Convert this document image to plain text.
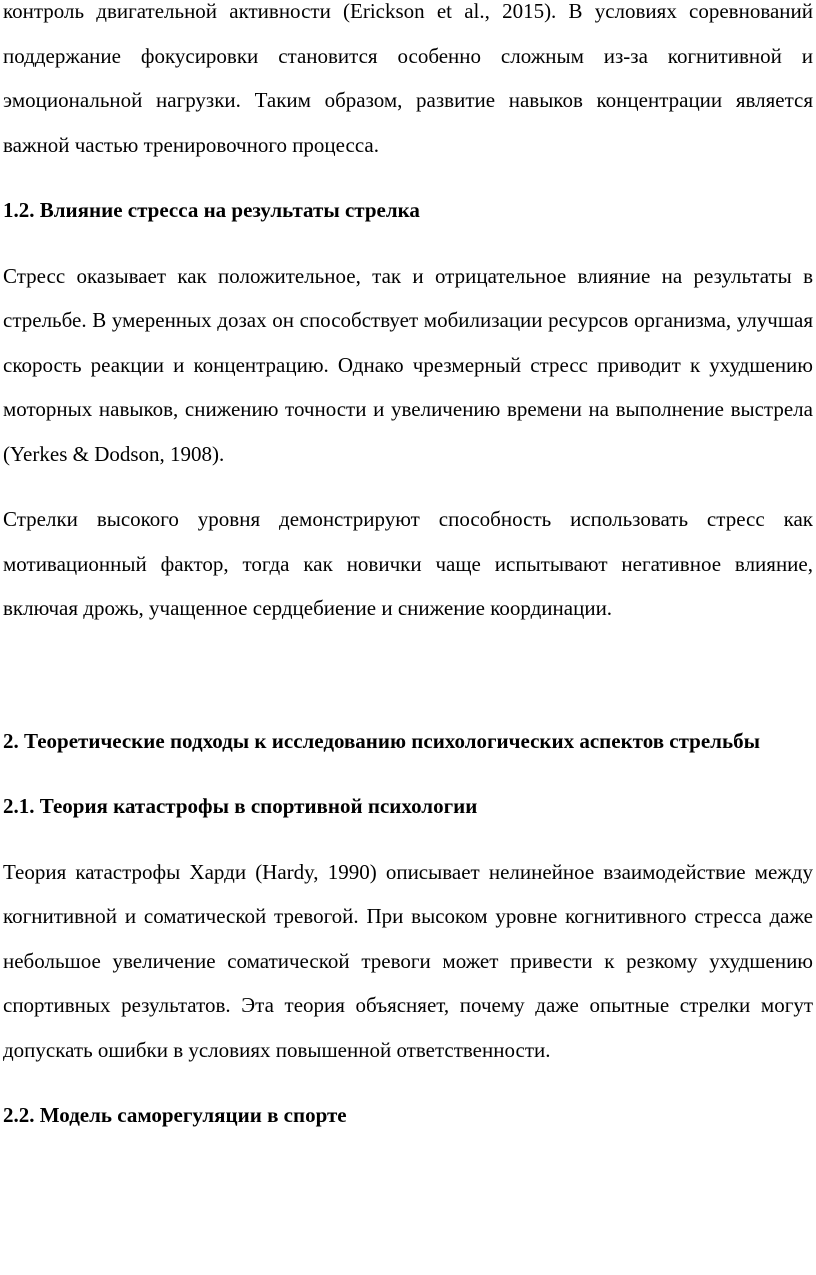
контроль двигательной активности (Erickson et al., 2015). В условиях соревнований поддержание фокусировки становится особенно сложным из-за когнитивной и эмоциональной нагрузки. Таким образом, развитие навыков концентрации является важной частью тренировочного процесса.

1.2. Влияние стресса на результаты стрелка

Стресс оказывает как положительное, так и отрицательное влияние на результаты в стрельбе. В умеренных дозах он способствует мобилизации ресурсов организма, улучшая скорость реакции и концентрацию. Однако чрезмерный стресс приводит к ухудшению моторных навыков, снижению точности и увеличению времени на выполнение выстрела (Yerkes & Dodson, 1908).

Стрелки высокого уровня демонстрируют способность использовать стресс как мотивационный фактор, тогда как новички чаще испытывают негативное влияние, включая дрожь, учащенное сердцебиение и снижение координации.

2. Теоретические подходы к исследованию психологических аспектов стрельбы

2.1. Теория катастрофы в спортивной психологии

Теория катастрофы Харди (Hardy, 1990) описывает нелинейное взаимодействие между когнитивной и соматической тревогой. При высоком уровне когнитивного стресса даже небольшое увеличение соматической тревоги может привести к резкому ухудшению спортивных результатов. Эта теория объясняет, почему даже опытные стрелки могут допускать ошибки в условиях повышенной ответственности.

2.2. Модель саморегуляции в спорте
